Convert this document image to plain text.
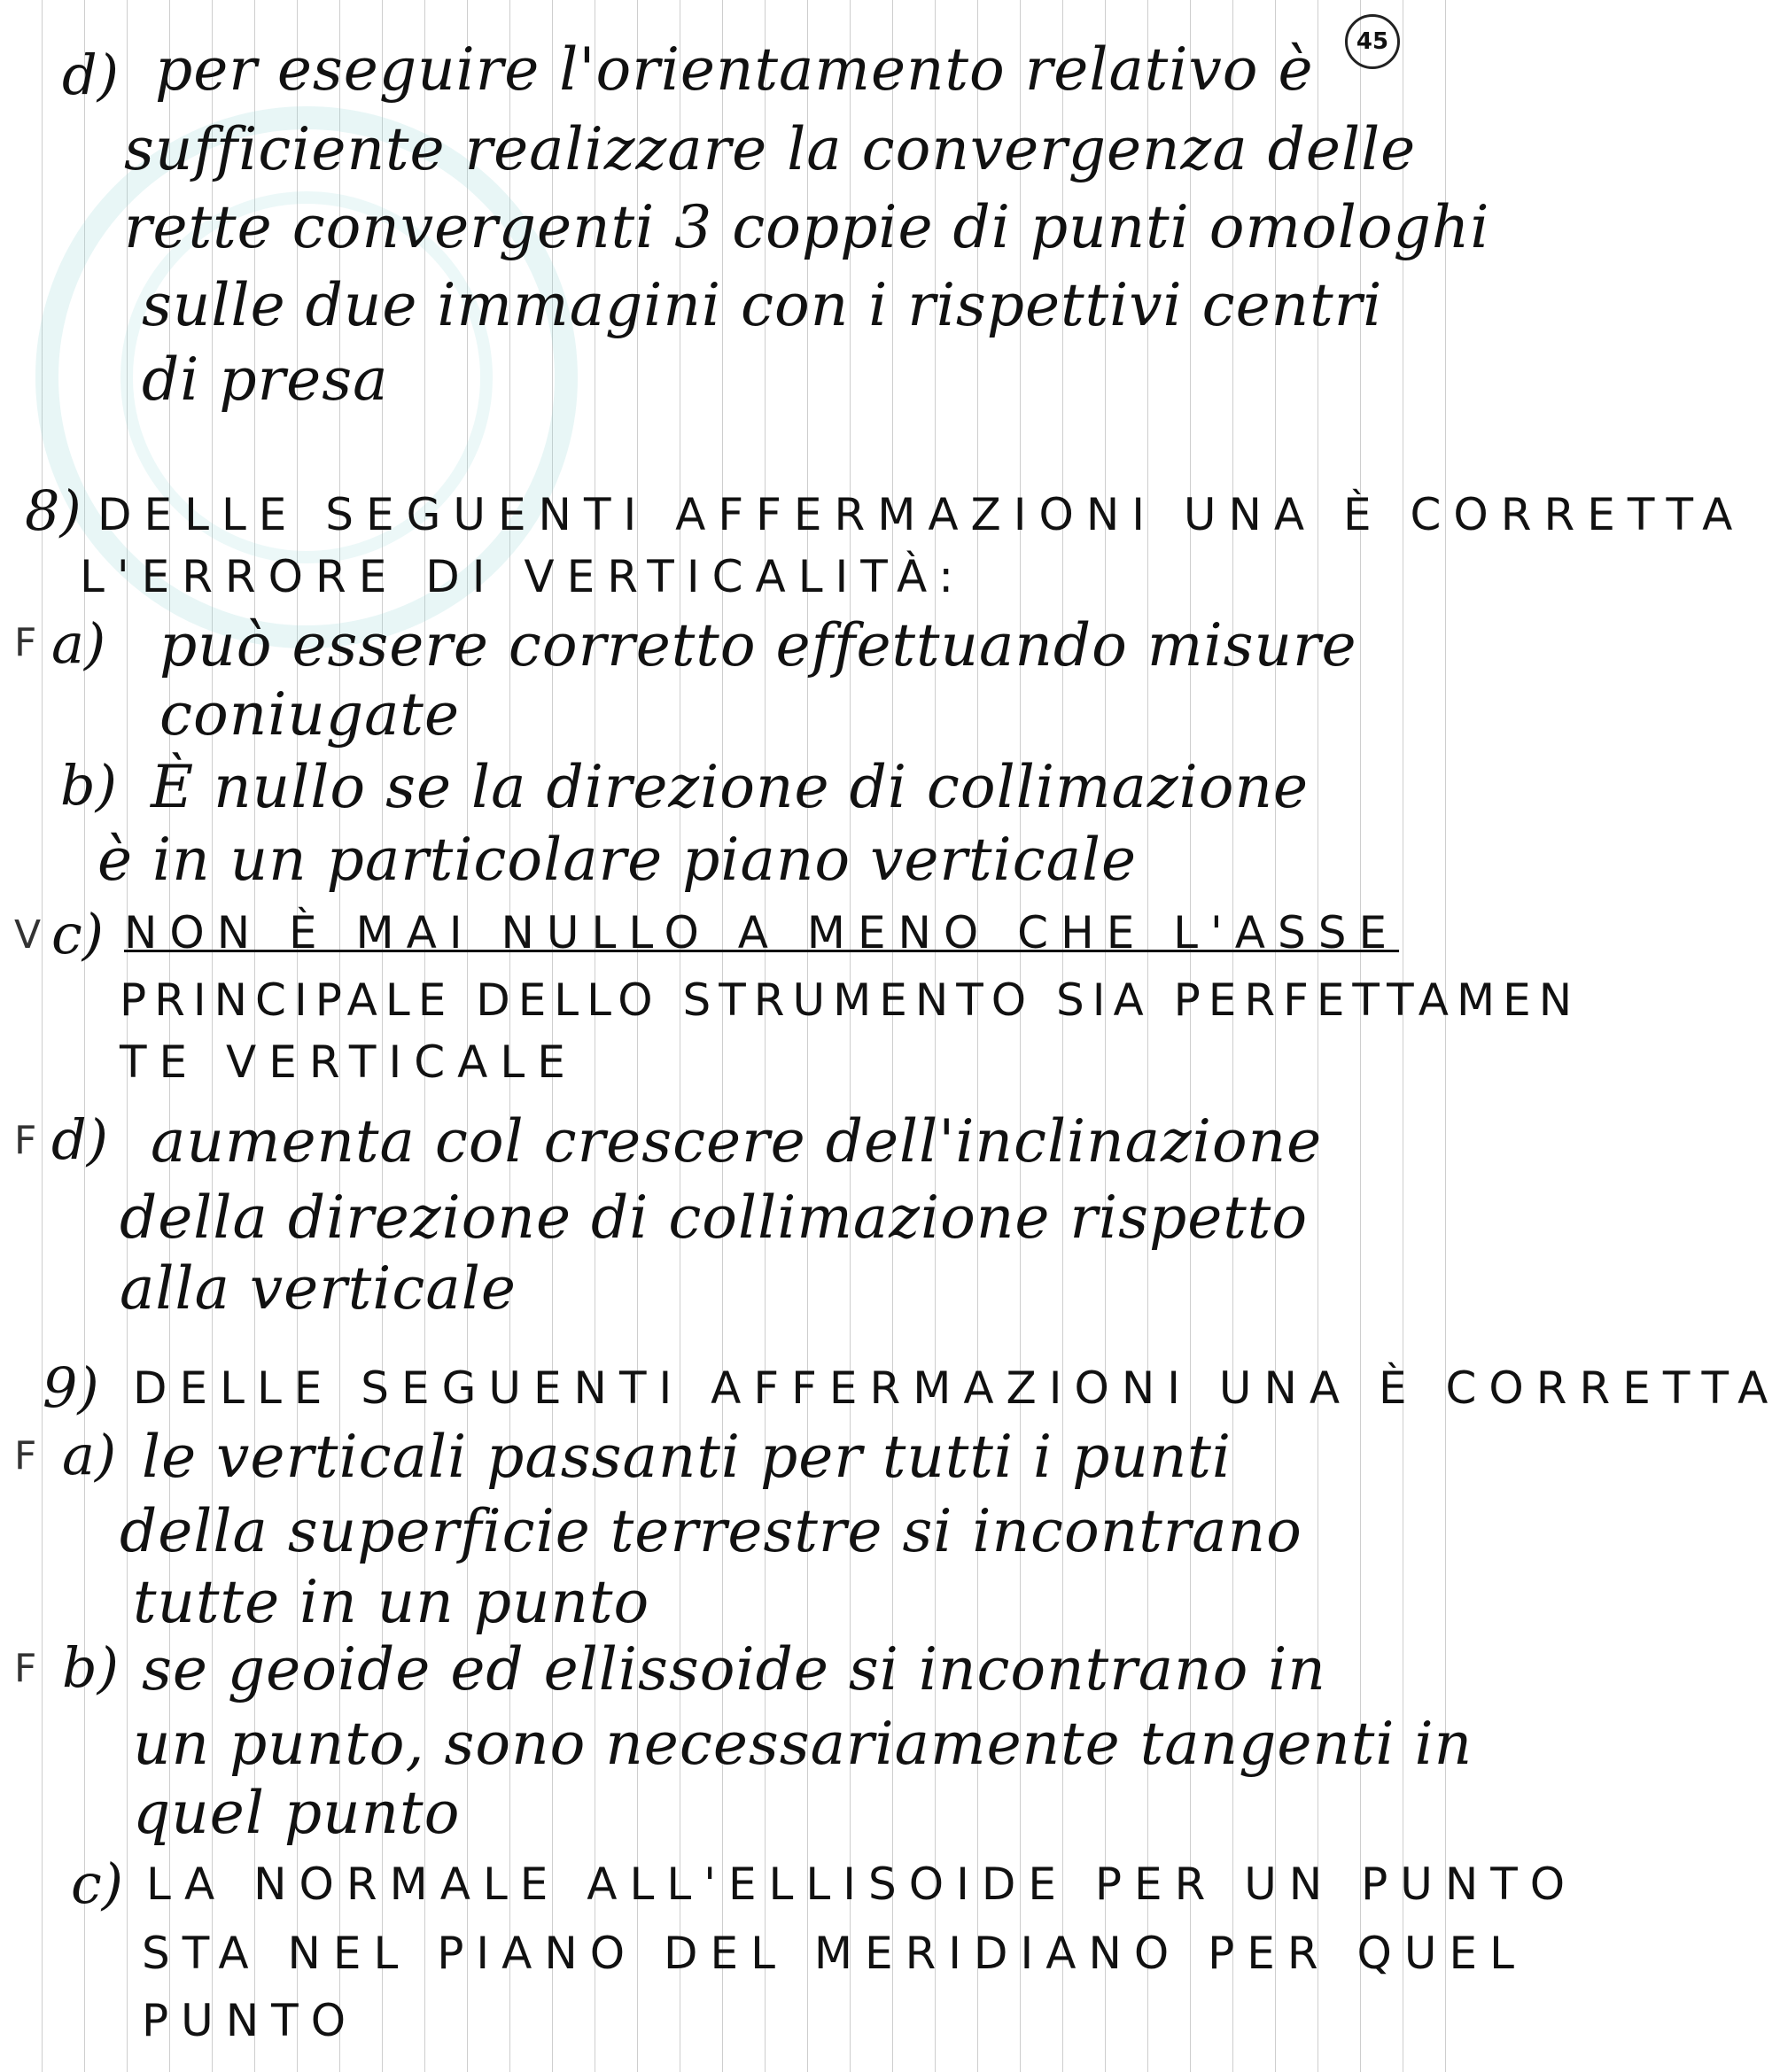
45
d) per eseguire l'orientamento relativo è
sufficiente realizzare la convergenza delle
rette convergenti 3 coppie di punti omologhi
sulle due immagini con i rispettivi centri
di presa
8) DELLE SEGUENTI AFFERMAZIONI UNA È CORRETTA
L'ERRORE DI VERTICALITÀ:
F a) può essere corretto effettuando misure
coniugate
b) È nullo se la direzione di collimazione
è in un particolare piano verticale
V c) NON È MAI NULLO A MENO CHE L'ASSE
PRINCIPALE DELLO STRUMENTO SIA PERFETTAMEN
TE VERTICALE
F d) aumenta col crescere dell'inclinazione
della direzione di collimazione rispetto
alla verticale
9) DELLE SEGUENTI AFFERMAZIONI UNA È CORRETTA
F a) le verticali passanti per tutti i punti
della superficie terrestre si incontrano
tutte in un punto
F b) se geoide ed ellissoide si incontrano in
un punto, sono necessariamente tangenti in
quel punto
c) LA NORMALE ALL'ELLISOIDE PER UN PUNTO
STA NEL PIANO DEL MERIDIANO PER QUEL
PUNTO
